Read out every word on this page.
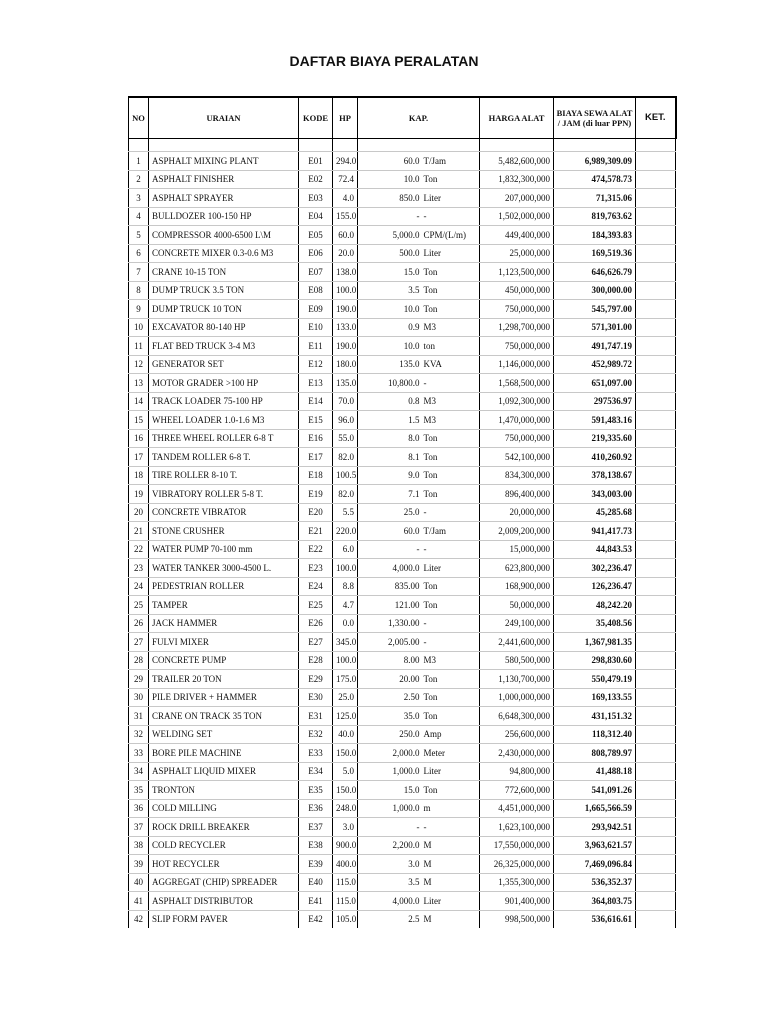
DAFTAR BIAYA PERALATAN
NO	URAIAN	KODE	HP	KAP.		HARGA ALAT	BIAYA SEWA ALAT / JAM (di luar PPN)	KET.

1	ASPHALT MIXING PLANT	E01	294.0	60.0	T/Jam	5,482,600,000	6,989,309.09	
2	ASPHALT FINISHER	E02	72.4	10.0	Ton	1,832,300,000	474,578.73	
3	ASPHALT SPRAYER	E03	4.0	850.0	Liter	207,000,000	71,315.06	
4	BULLDOZER 100-150 HP	E04	155.0	-	-	1,502,000,000	819,763.62	
5	COMPRESSOR 4000-6500 L\M	E05	60.0	5,000.0	CPM/(L/m)	449,400,000	184,393.83	
6	CONCRETE MIXER 0.3-0.6 M3	E06	20.0	500.0	Liter	25,000,000	169,519.36	
7	CRANE 10-15 TON	E07	138.0	15.0	Ton	1,123,500,000	646,626.79	
8	DUMP TRUCK 3.5 TON	E08	100.0	3.5	Ton	450,000,000	300,000.00	
9	DUMP TRUCK 10 TON	E09	190.0	10.0	Ton	750,000,000	545,797.00	
10	EXCAVATOR 80-140 HP	E10	133.0	0.9	M3	1,298,700,000	571,301.00	
11	FLAT BED TRUCK 3-4 M3	E11	190.0	10.0	ton	750,000,000	491,747.19	
12	GENERATOR SET	E12	180.0	135.0	KVA	1,146,000,000	452,989.72	
13	MOTOR GRADER >100 HP	E13	135.0	10,800.0	-	1,568,500,000	651,097.00	
14	TRACK LOADER 75-100 HP	E14	70.0	0.8	M3	1,092,300,000	297536.97	
15	WHEEL LOADER 1.0-1.6 M3	E15	96.0	1.5	M3	1,470,000,000	591,483.16	
16	THREE WHEEL ROLLER 6-8 T	E16	55.0	8.0	Ton	750,000,000	219,335.60	
17	TANDEM ROLLER 6-8 T.	E17	82.0	8.1	Ton	542,100,000	410,260.92	
18	TIRE ROLLER 8-10 T.	E18	100.5	9.0	Ton	834,300,000	378,138.67	
19	VIBRATORY ROLLER 5-8 T.	E19	82.0	7.1	Ton	896,400,000	343,003.00	
20	CONCRETE VIBRATOR	E20	5.5	25.0	-	20,000,000	45,285.68	
21	STONE CRUSHER	E21	220.0	60.0	T/Jam	2,009,200,000	941,417.73	
22	WATER PUMP 70-100 mm	E22	6.0	-	-	15,000,000	44,843.53	
23	WATER TANKER 3000-4500 L.	E23	100.0	4,000.0	Liter	623,800,000	302,236.47	
24	PEDESTRIAN ROLLER	E24	8.8	835.00	Ton	168,900,000	126,236.47	
25	TAMPER	E25	4.7	121.00	Ton	50,000,000	48,242.20	
26	JACK HAMMER	E26	0.0	1,330.00	-	249,100,000	35,408.56	
27	FULVI MIXER	E27	345.0	2,005.00	-	2,441,600,000	1,367,981.35	
28	CONCRETE PUMP	E28	100.0	8.00	M3	580,500,000	298,830.60	
29	TRAILER 20 TON	E29	175.0	20.00	Ton	1,130,700,000	550,479.19	
30	PILE DRIVER + HAMMER	E30	25.0	2.50	Ton	1,000,000,000	169,133.55	
31	CRANE ON TRACK 35 TON	E31	125.0	35.0	Ton	6,648,300,000	431,151.32	
32	WELDING SET	E32	40.0	250.0	Amp	256,600,000	118,312.40	
33	BORE PILE MACHINE	E33	150.0	2,000.0	Meter	2,430,000,000	808,789.97	
34	ASPHALT LIQUID MIXER	E34	5.0	1,000.0	Liter	94,800,000	41,488.18	
35	TRONTON	E35	150.0	15.0	Ton	772,600,000	541,091.26	
36	COLD MILLING	E36	248.0	1,000.0	m	4,451,000,000	1,665,566.59	
37	ROCK DRILL BREAKER	E37	3.0	-	-	1,623,100,000	293,942.51	
38	COLD RECYCLER	E38	900.0	2,200.0	M	17,550,000,000	3,963,621.57	
39	HOT RECYCLER	E39	400.0	3.0	M	26,325,000,000	7,469,096.84	
40	AGGREGAT (CHIP) SPREADER	E40	115.0	3.5	M	1,355,300,000	536,352.37	
41	ASPHALT DISTRIBUTOR	E41	115.0	4,000.0	Liter	901,400,000	364,803.75	
42	SLIP FORM PAVER	E42	105.0	2.5	M	998,500,000	536,616.61	
